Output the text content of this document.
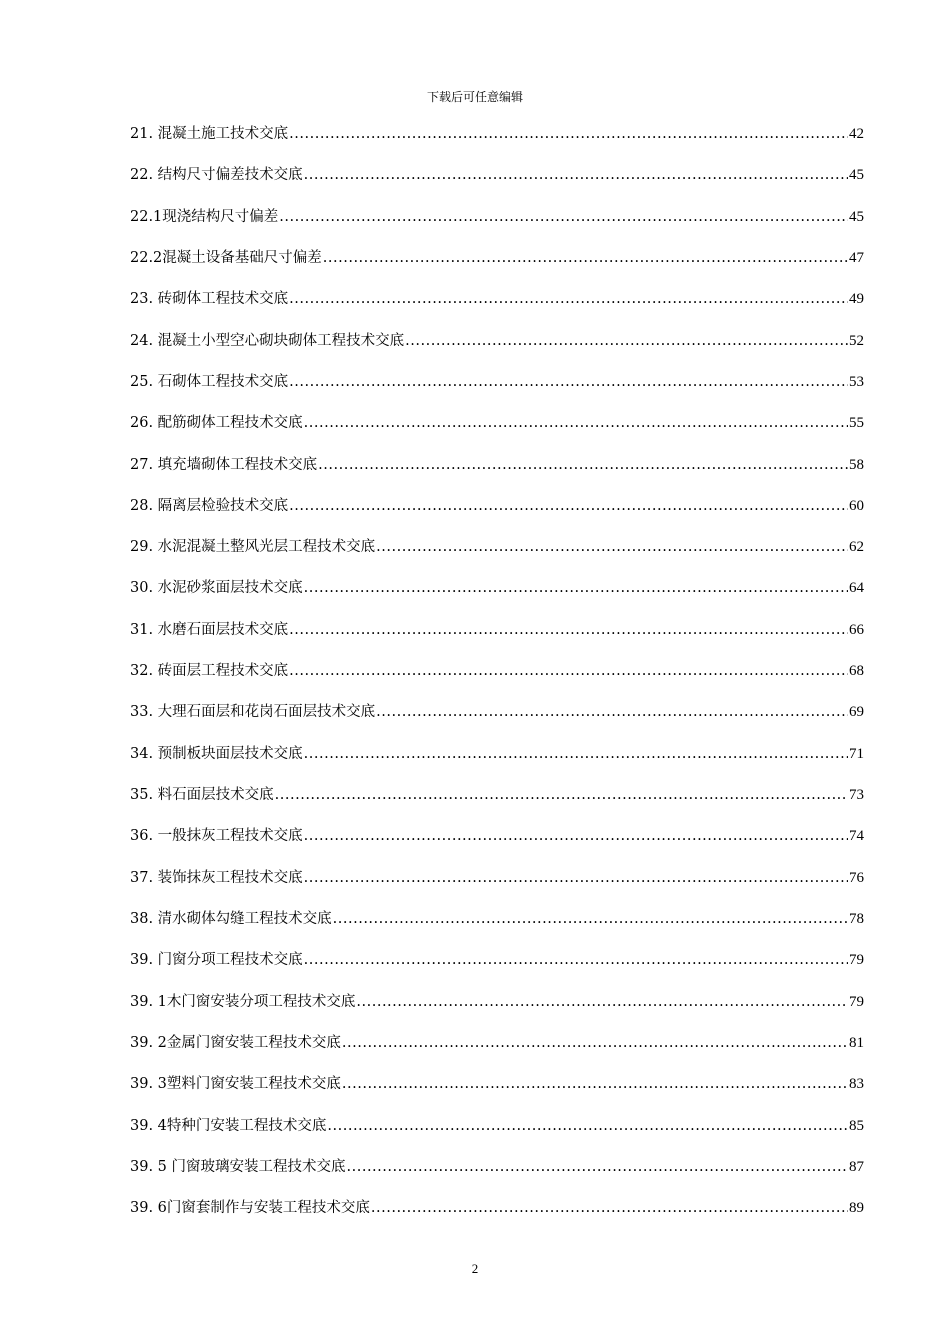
下载后可任意编辑
21. 混凝土施工技术交底 .....	42
22. 结构尺寸偏差技术交底 .....	45
22.1现浇结构尺寸偏差 .....	45
22.2混凝土设备基础尺寸偏差 .....	47
23. 砖砌体工程技术交底 .....	49
24. 混凝土小型空心砌块砌体工程技术交底 .....	52
25. 石砌体工程技术交底 .....	53
26. 配筋砌体工程技术交底 .....	55
27. 填充墙砌体工程技术交底 .....	58
28. 隔离层检验技术交底 .....	60
29. 水泥混凝土整风光层工程技术交底 .....	62
30. 水泥砂浆面层技术交底 .....	64
31. 水磨石面层技术交底 .....	66
32. 砖面层工程技术交底 .....	68
33. 大理石面层和花岗石面层技术交底 .....	69
34. 预制板块面层技术交底 .....	71
35. 料石面层技术交底 .....	73
36. 一般抹灰工程技术交底 .....	74
37. 装饰抹灰工程技术交底 .....	76
38. 清水砌体勾缝工程技术交底 .....	78
39. 门窗分项工程技术交底 .....	79
39. 1木门窗安装分项工程技术交底 .....	79
39. 2金属门窗安装工程技术交底 .....	81
39. 3塑料门窗安装工程技术交底 .....	83
39. 4特种门安装工程技术交底 .....	85
39. 5 门窗玻璃安装工程技术交底 .....	87
39. 6门窗套制作与安装工程技术交底 .....	89
2
